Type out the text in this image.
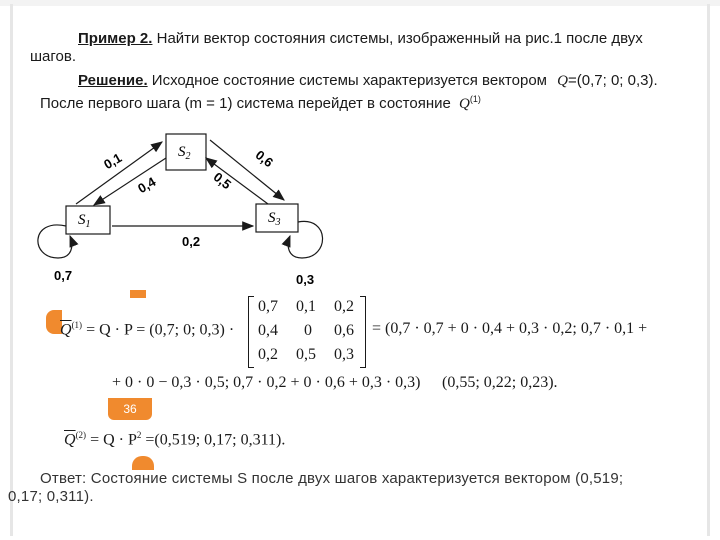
Пример 2. Найти вектор состояния системы, изображенный на рис.1 после двух
шагов.
Решение. Исходное состояние системы характеризуется вектором Q=(0,7; 0; 0,3).
После первого шага (m = 1) система перейдет в состояние $Q^{(1)}$
$S_2$
$S_1$	$S_3$
0,1
0,4
0,6
0,5
0,2
0,7	0,3
36
$\overline{Q}^{(1)} = Q \cdot P = (0,7$; 0; 0,3) ·
0,7 0,1 0,2
0,4 0 0,6
0,2 0,5 0,3
= (0,7 · 0,7 + 0 · 0,4 + 0,3 · 0,2; 0,7 · 0,1 +
+ 0 · 0 − 0,3 · 0,5; 0,7 · 0,2 + 0 · 0,6 + 0,3 · 0,3) (0,55; 0,22; 0,23).
$\overline{Q}^{(2)} = Q \cdot P^2 =(0,519$; 0,17; 0,311).
Ответ: Состояние системы S после двух шагов характеризуется вектором (0,519;
0,17; 0,311).
